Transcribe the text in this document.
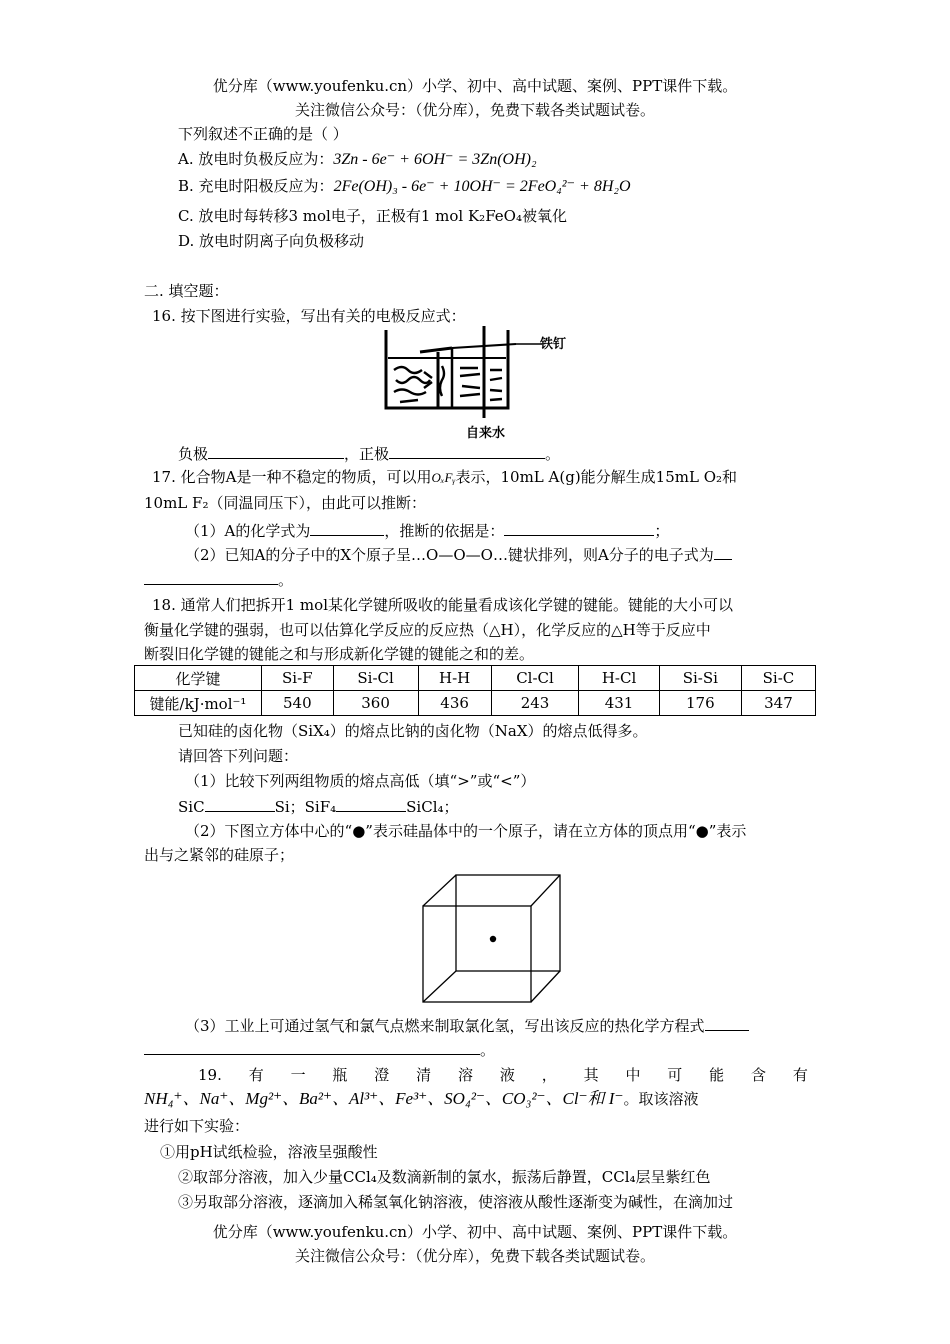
优分库（www.youfenku.cn）小学、初中、高中试题、案例、PPT课件下载。
关注微信公众号：（优分库），免费下载各类试题试卷。
下列叙述不正确的是（ ）
A. 放电时负极反应为：3Zn - 6e⁻ + 6OH⁻ = 3Zn(OH)₂
B. 充电时阳极反应为：2Fe(OH)₃ - 6e⁻ + 10OH⁻ = 2FeO₄²⁻ + 8H₂O
C. 放电时每转移3 mol电子，正极有1 mol K₂FeO₄被氧化
D. 放电时阴离子向负极移动
二. 填空题：
16. 按下图进行实验，写出有关的电极反应式：
铁钉
自来水
负极	，正极	。
17. 化合物A是一种不稳定的物质，可以用OₓFᵧ表示，10mL A(g)能分解生成15mL O₂和
10mL F₂（同温同压下），由此可以推断：
（1）A的化学式为	，推断的依据是：	；
（2）已知A的分子中的X个原子呈…O—O—O…键状排列，则A分子的电子式为
。
18. 通常人们把拆开1 mol某化学键所吸收的能量看成该化学键的键能。键能的大小可以
衡量化学键的强弱，也可以估算化学反应的反应热（△H），化学反应的△H等于反应中
断裂旧化学键的键能之和与形成新化学键的键能之和的差。
化学键	Si-F	Si-Cl	H-H	Cl-Cl	H-Cl	Si-Si	Si-C
键能/kJ·mol⁻¹	540	360	436	243	431	176	347
已知硅的卤化物（SiX₄）的熔点比钠的卤化物（NaX）的熔点低得多。
请回答下列问题：
（1）比较下列两组物质的熔点高低（填“>”或“<”）
SiC	Si；SiF₄	SiCl₄；
（2）下图立方体中心的“●”表示硅晶体中的一个原子，请在立方体的顶点用“●”表示
出与之紧邻的硅原子；
（3）工业上可通过氢气和氯气点燃来制取氯化氢，写出该反应的热化学方程式
。
19. 有 一 瓶 澄 清 溶 液 ， 其 中 可 能 含 有
NH₄⁺、Na⁺、Mg²⁺、Ba²⁺、Al³⁺、Fe³⁺、SO₄²⁻、CO₃²⁻、Cl⁻和 I⁻。取该溶液
进行如下实验：
①用pH试纸检验，溶液呈强酸性
②取部分溶液，加入少量CCl₄及数滴新制的氯水，振荡后静置，CCl₄层呈紫红色
③另取部分溶液，逐滴加入稀氢氧化钠溶液，使溶液从酸性逐渐变为碱性，在滴加过
优分库（www.youfenku.cn）小学、初中、高中试题、案例、PPT课件下载。
关注微信公众号：（优分库），免费下载各类试题试卷。
